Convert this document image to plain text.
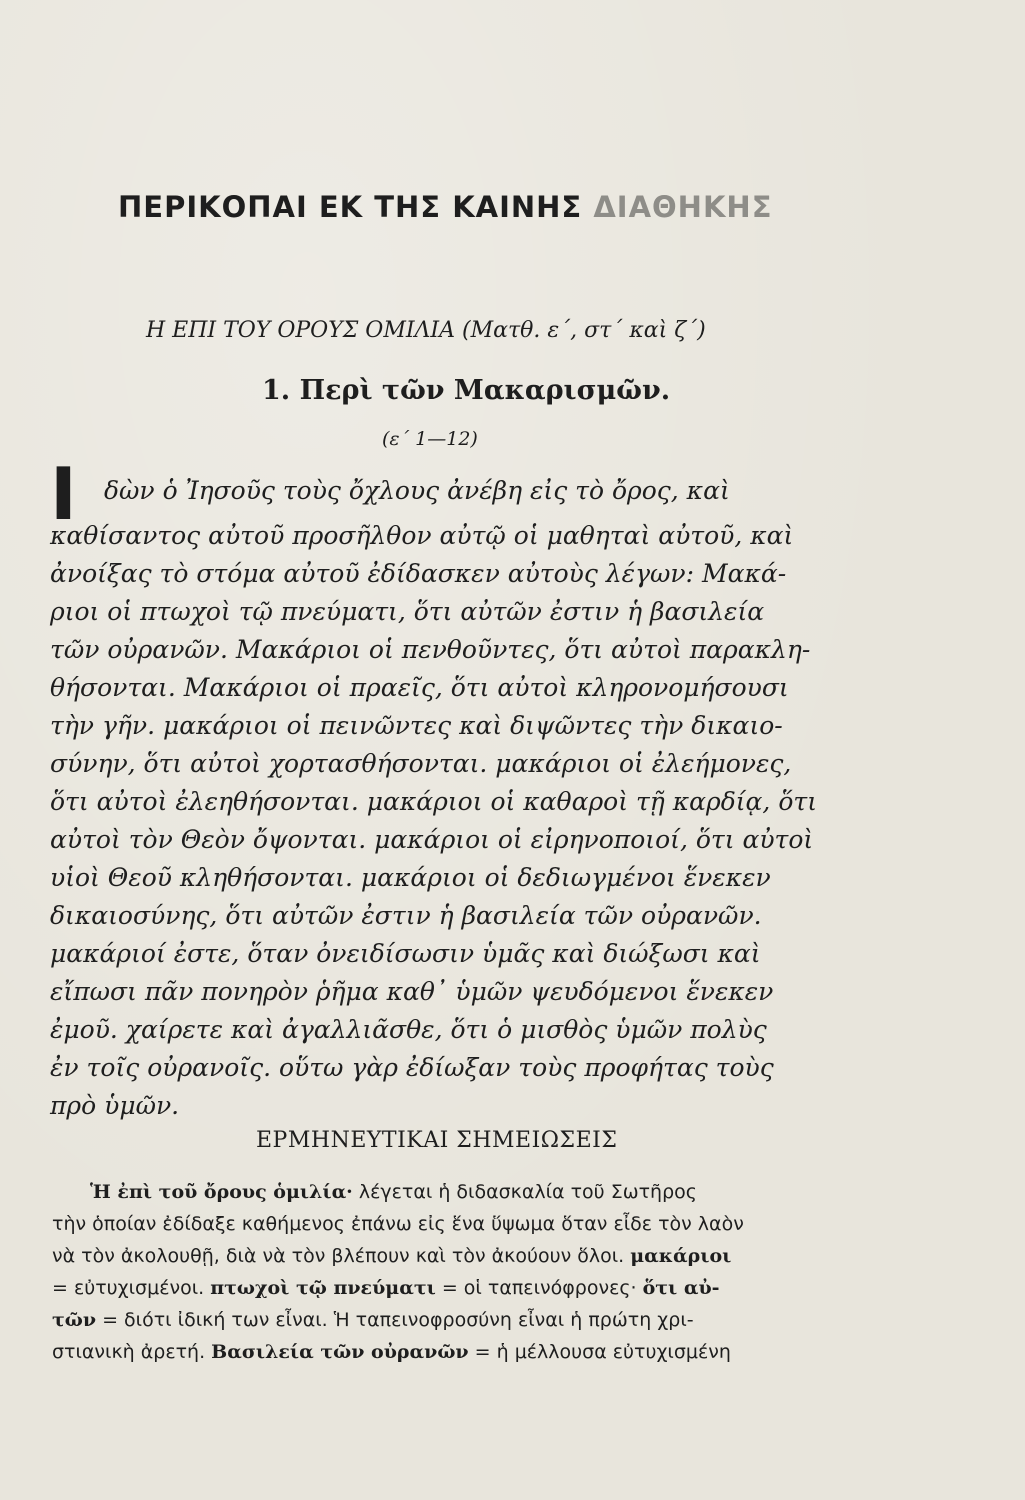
ΠΕΡΙΚΟΠΑΙ ΕΚ ΤΗΣ ΚΑΙΝΗΣ ΔΙΑΘΗΚΗΣ
Η ΕΠΙ ΤΟΥ ΟΡΟΥΣ ΟΜΙΛΙΑ (Ματθ. ε΄, στ΄ καὶ ζ΄)
1. Περὶ τῶν Μακαρισμῶν.
(ε΄ 1—12)
Ι δὼν ὁ Ἰησοῦς τοὺς ὄχλους ἀνέβη εἰς τὸ ὄρος, καὶ
καθίσαντος αὐτοῦ προσῆλθον αὐτῷ οἱ μαθηταὶ αὐτοῦ, καὶ
ἀνοίξας τὸ στόμα αὐτοῦ ἐδίδασκεν αὐτοὺς λέγων: Μακά-
ριοι οἱ πτωχοὶ τῷ πνεύματι, ὅτι αὐτῶν ἐστιν ἡ βασιλεία
τῶν οὐρανῶν. Μακάριοι οἱ πενθοῦντες, ὅτι αὐτοὶ παρακλη-
θήσονται. Μακάριοι οἱ πραεῖς, ὅτι αὐτοὶ κληρονομήσουσι
τὴν γῆν. μακάριοι οἱ πεινῶντες καὶ διψῶντες τὴν δικαιο-
σύνην, ὅτι αὐτοὶ χορτασθήσονται. μακάριοι οἱ ἐλεήμονες,
ὅτι αὐτοὶ ἐλεηθήσονται. μακάριοι οἱ καθαροὶ τῇ καρδίᾳ, ὅτι
αὐτοὶ τὸν Θεὸν ὄψονται. μακάριοι οἱ εἰρηνοποιοί, ὅτι αὐτοὶ
υἱοὶ Θεοῦ κληθήσονται. μακάριοι οἱ δεδιωγμένοι ἕνεκεν
δικαιοσύνης, ὅτι αὐτῶν ἐστιν ἡ βασιλεία τῶν οὐρανῶν.
μακάριοί ἐστε, ὅταν ὀνειδίσωσιν ὑμᾶς καὶ διώξωσι καὶ
εἴπωσι πᾶν πονηρὸν ῥῆμα καθ᾽ ὑμῶν ψευδόμενοι ἕνεκεν
ἐμοῦ. χαίρετε καὶ ἀγαλλιᾶσθε, ὅτι ὁ μισθὸς ὑμῶν πολὺς
ἐν τοῖς οὐρανοῖς. οὕτω γὰρ ἐδίωξαν τοὺς προφήτας τοὺς
πρὸ ὑμῶν.
ΕΡΜΗΝΕΥΤΙΚΑΙ ΣΗΜΕΙΩΣΕΙΣ
Ἡ ἐπὶ τοῦ ὄρους ὁμιλία· λέγεται ἡ διδασκαλία τοῦ Σωτῆρος
τὴν ὁποίαν ἐδίδαξε καθήμενος ἐπάνω εἰς ἕνα ὕψωμα ὅταν εἶδε τὸν λαὸν
νὰ τὸν ἀκολουθῇ, διὰ νὰ τὸν βλέπουν καὶ τὸν ἀκούουν ὅλοι. μακάριοι
= εὐτυχισμένοι. πτωχοὶ τῷ πνεύματι = οἱ ταπεινόφρονες· ὅτι αὐ-
τῶν = διότι ἰδική των εἶναι. Ἡ ταπεινοφροσύνη εἶναι ἡ πρώτη χρι-
στιανικὴ ἀρετή. Βασιλεία τῶν οὐρανῶν = ἡ μέλλουσα εὐτυχισμένη
